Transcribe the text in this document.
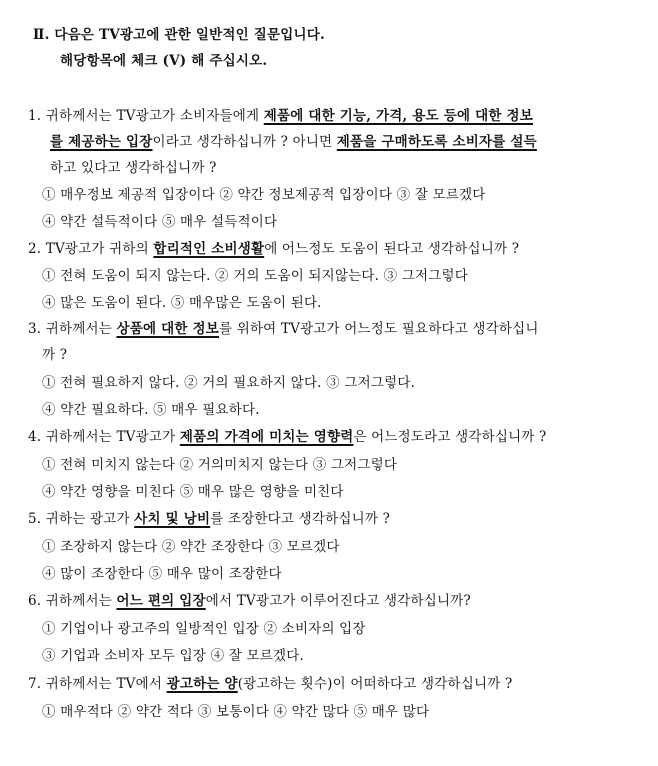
Ⅱ. 다음은 TV광고에 관한 일반적인 질문입니다.
해당항목에 체크 (V) 해 주십시오.
1. 귀하께서는 TV광고가 소비자들에게 제품에 대한 기능, 가격, 용도 등에 대한 정보
를 제공하는 입장이라고 생각하십니까 ? 아니면 제품을 구매하도록 소비자를 설득
하고 있다고 생각하십니까 ?
① 매우정보 제공적 입장이다 ② 약간 정보제공적 입장이다 ③ 잘 모르겠다
④ 약간 설득적이다 ⑤ 매우 설득적이다
2. TV광고가 귀하의 합리적인 소비생활에 어느정도 도움이 된다고 생각하십니까 ?
① 전혀 도움이 되지 않는다. ② 거의 도움이 되지않는다. ③ 그저그렇다
④ 많은 도움이 된다. ⑤ 매우많은 도움이 된다.
3. 귀하께서는 상품에 대한 정보를 위하여 TV광고가 어느정도 필요하다고 생각하십니
까 ?
① 전혀 필요하지 않다. ② 거의 필요하지 않다. ③ 그저그렇다.
④ 약간 필요하다. ⑤ 매우 필요하다.
4. 귀하께서는 TV광고가 제품의 가격에 미치는 영향력은 어느정도라고 생각하십니까 ?
① 전혀 미치지 않는다 ② 거의미치지 않는다 ③ 그저그렇다
④ 약간 영향을 미친다 ⑤ 매우 많은 영향을 미친다
5. 귀하는 광고가 사치 및 낭비를 조장한다고 생각하십니까 ?
① 조장하지 않는다 ② 약간 조장한다 ③ 모르겠다
④ 많이 조장한다 ⑤ 매우 많이 조장한다
6. 귀하께서는 어느 편의 입장에서 TV광고가 이루어진다고 생각하십니까?
① 기업이나 광고주의 일방적인 입장 ② 소비자의 입장
③ 기업과 소비자 모두 입장 ④ 잘 모르겠다.
7. 귀하께서는 TV에서 광고하는 양(광고하는 횟수)이 어떠하다고 생각하십니까 ?
① 매우적다 ② 약간 적다 ③ 보통이다 ④ 약간 많다 ⑤ 매우 많다
